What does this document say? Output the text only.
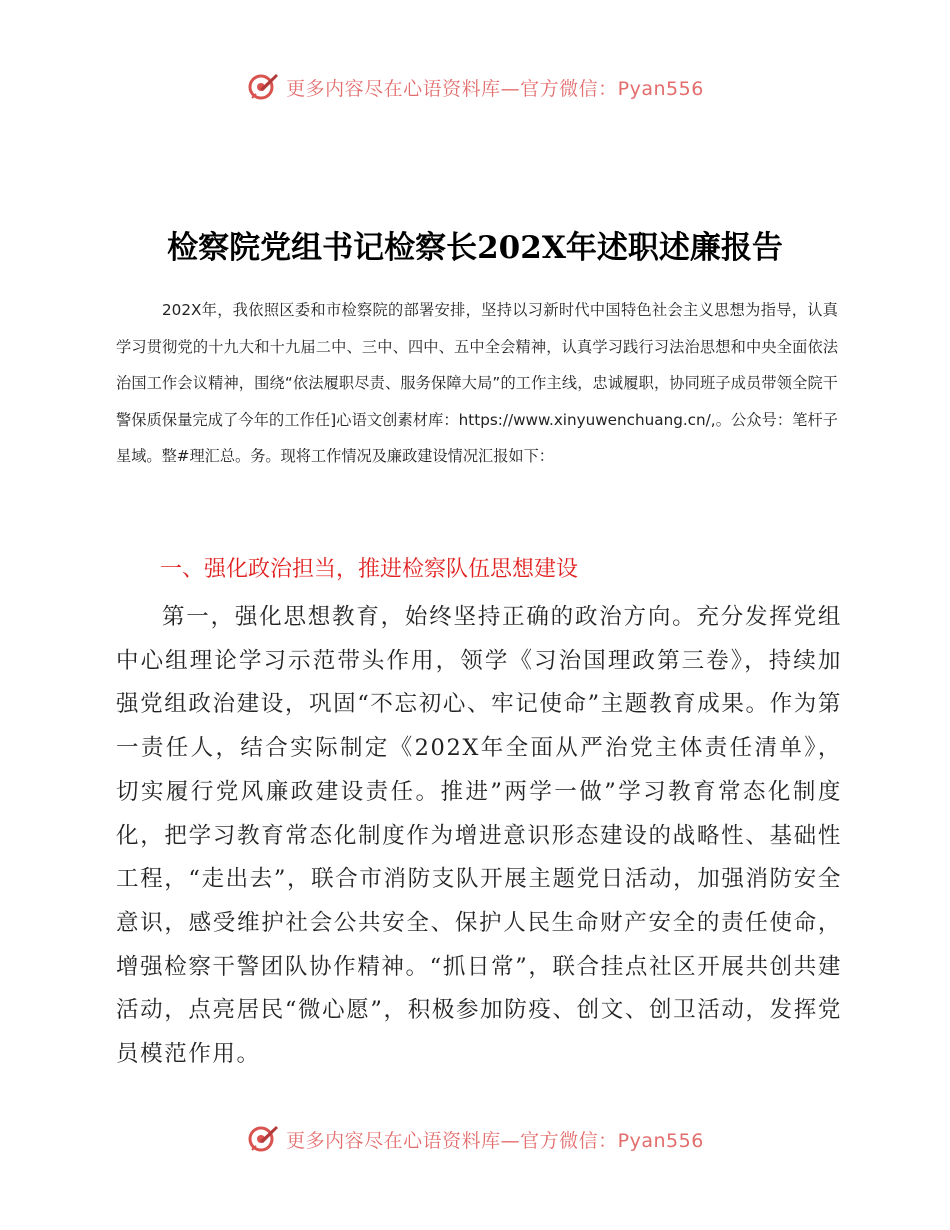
更多内容尽在心语资料库—官方微信：Pyan556
检察院党组书记检察长202X年述职述廉报告

202X年，我依照区委和市检察院的部署安排，坚持以习新时代中国特色社会主义思想为指导，认真学习贯彻党的十九大和十九届二中、三中、四中、五中全会精神，认真学习践行习法治思想和中央全面依法治国工作会议精神，围绕“依法履职尽责、服务保障大局”的工作主线，忠诚履职，协同班子成员带领全院干警保质保量完成了今年的工作任]心语文创素材库：https://www.xinyuwenchuang.cn/,。公众号：笔杆子星域。整#理汇总。务。现将工作情况及廉政建设情况汇报如下：

一、强化政治担当，推进检察队伍思想建设

第一，强化思想教育，始终坚持正确的政治方向。充分发挥党组中心组理论学习示范带头作用，领学《习治国理政第三卷》，持续加强党组政治建设，巩固“不忘初心、牢记使命”主题教育成果。作为第一责任人，结合实际制定《202X年全面从严治党主体责任清单》，切实履行党风廉政建设责任。推进”两学一做”学习教育常态化制度化，把学习教育常态化制度作为增进意识形态建设的战略性、基础性工程，“走出去”，联合市消防支队开展主题党日活动，加强消防安全意识，感受维护社会公共安全、保护人民生命财产安全的责任使命，增强检察干警团队协作精神。“抓日常”，联合挂点社区开展共创共建活动，点亮居民“微心愿”，积极参加防疫、创文、创卫活动，发挥党员模范作用。

更多内容尽在心语资料库—官方微信：Pyan556
